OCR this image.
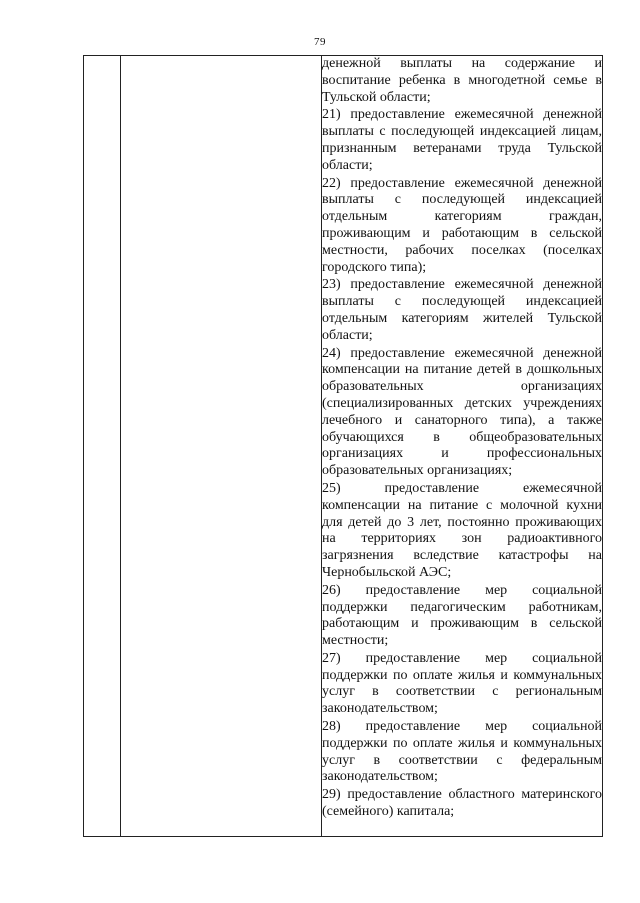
79

денежной выплаты на содержание и воспитание ребенка в многодетной семье в Тульской области;

21) предоставление ежемесячной денежной выплаты с последующей индексацией лицам, признанным ветеранами труда Тульской области;

22) предоставление ежемесячной денежной выплаты с последующей индексацией отдельным категориям граждан, проживающим и работающим в сельской местности, рабочих поселках (поселках городского типа);

23) предоставление ежемесячной денежной выплаты с последующей индексацией отдельным категориям жителей Тульской области;

24) предоставление ежемесячной денежной компенсации на питание детей в дошкольных образовательных организациях (специализированных детских учреждениях лечебного и санаторного типа), а также обучающихся в общеобразовательных организациях и профессиональных образовательных организациях;

25) предоставление ежемесячной компенсации на питание с молочной кухни для детей до 3 лет, постоянно проживающих на территориях зон радиоактивного загрязнения вследствие катастрофы на Чернобыльской АЭС;

26) предоставление мер социальной поддержки педагогическим работникам, работающим и проживающим в сельской местности;

27) предоставление мер социальной поддержки по оплате жилья и коммунальных услуг в соответствии с региональным законодательством;

28) предоставление мер социальной поддержки по оплате жилья и коммунальных услуг в соответствии с федеральным законодательством;

29) предоставление областного материнского (семейного) капитала;
